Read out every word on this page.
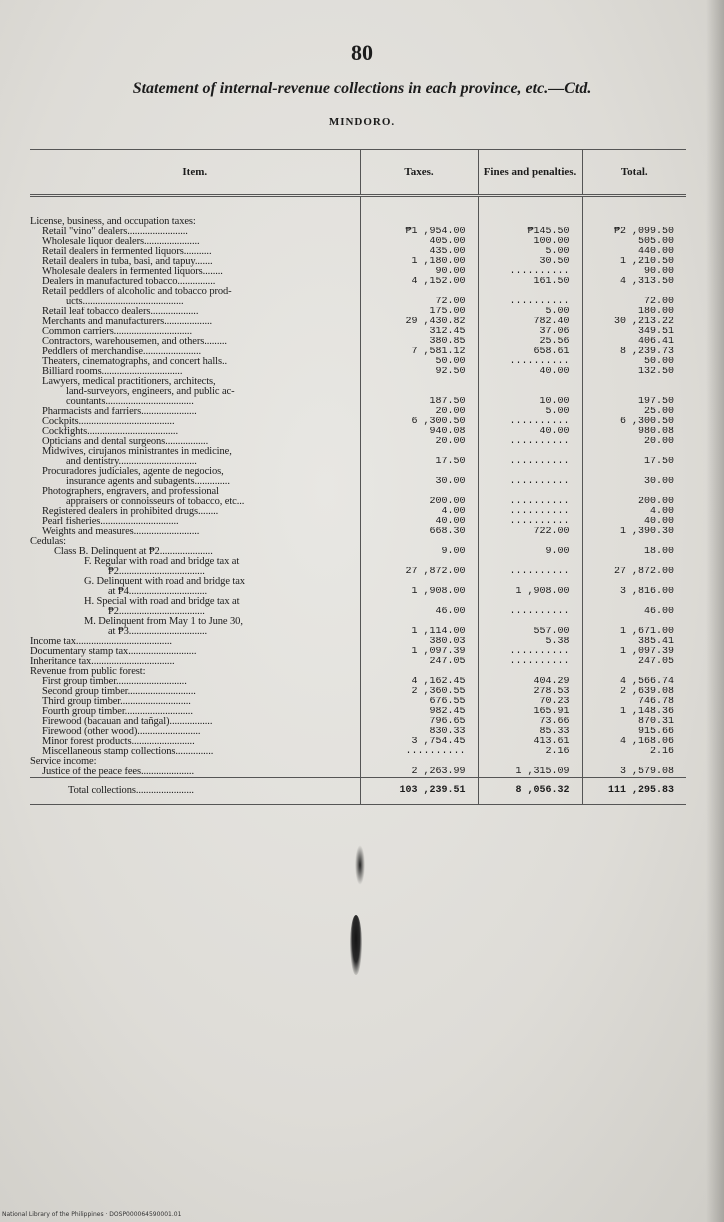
80
Statement of internal-revenue collections in each province, etc.—Ctd.
MINDORO.
Item.	Taxes.	Fines and penalties.	Total.

License, business, and occupation taxes:			
Retail "vino" dealers........................	₱1 ,954.00	₱145.50	₱2 ,099.50
Wholesale liquor dealers......................	405.00	100.00	505.00
Retail dealers in fermented liquors...........	435.00	5.00	440.00
Retail dealers in tuba, basi, and tapuy.......	1 ,180.00	30.50	1 ,210.50
Wholesale dealers in fermented liquors........	90.00	..........	90.00
Dealers in manufactured tobacco...............	4 ,152.00	161.50	4 ,313.50
Retail peddlers of alcoholic and tobacco prod-			
ucts........................................	72.00	..........	72.00
Retail leaf tobacco dealers...................	175.00	5.00	180.00
Merchants and manufacturers...................	29 ,430.82	782.40	30 ,213.22
Common carriers...............................	312.45	37.06	349.51
Contractors, warehousemen, and others.........	380.85	25.56	406.41
Peddlers of merchandise.......................	7 ,581.12	658.61	8 ,239.73
Theaters, cinematographs, and concert halls..	50.00	..........	50.00
Billiard rooms................................	92.50	40.00	132.50
Lawyers, medical practitioners, architects,			
land-surveyors, engineers, and public ac-			
countants...................................	187.50	10.00	197.50
Pharmacists and farriers......................	20.00	5.00	25.00
Cockpits......................................	6 ,300.50	..........	6 ,300.50
Cockfights....................................	940.08	40.00	980.08
Opticians and dental surgeons.................	20.00	..........	20.00
Midwives, cirujanos ministrantes in medicine,			
and dentistry...............................	17.50	..........	17.50
Procuradores judiciales, agente de negocios,			
insurance agents and subagents..............	30.00	..........	30.00
Photographers, engravers, and professional			
appraisers or connoisseurs of tobacco, etc...	200.00	..........	200.00
Registered dealers in prohibited drugs........	4.00	..........	4.00
Pearl fisheries...............................	40.00	..........	40.00
Weights and measures..........................	668.30	722.00	1 ,390.30
Cedulas:			
Class B. Delinquent at ₱2.....................	9.00	9.00	18.00
F. Regular with road and bridge tax at			
₱2..................................	27 ,872.00	..........	27 ,872.00
G. Delinquent with road and bridge tax			
at ₱4...............................	1 ,908.00	1 ,908.00	3 ,816.00
H. Special with road and bridge tax at			
₱2..................................	46.00	..........	46.00
M. Delinquent from May 1 to June 30,			
at ₱3...............................	1 ,114.00	557.00	1 ,671.00
Income tax......................................	380.03	5.38	385.41
Documentary stamp tax...........................	1 ,097.39	..........	1 ,097.39
Inheritance tax.................................	247.05	..........	247.05
Revenue from public forest:			
First group timber............................	4 ,162.45	404.29	4 ,566.74
Second group timber...........................	2 ,360.55	278.53	2 ,639.08
Third group timber............................	676.55	70.23	746.78
Fourth group timber...........................	982.45	165.91	1 ,148.36
Firewood (bacauan and tañgal).................	796.65	73.66	870.31
Firewood (other wood).........................	830.33	85.33	915.66
Minor forest products.........................	3 ,754.45	413.61	4 ,168.06
Miscellaneous stamp collections...............	..........	2.16	2.16
Service income:			
Justice of the peace fees.....................	2 ,263.99	1 ,315.09	3 ,579.08
Total collections.......................	103 ,239.51	8 ,056.32	111 ,295.83
National Library of the Philippines · DOSP000064590001.01
